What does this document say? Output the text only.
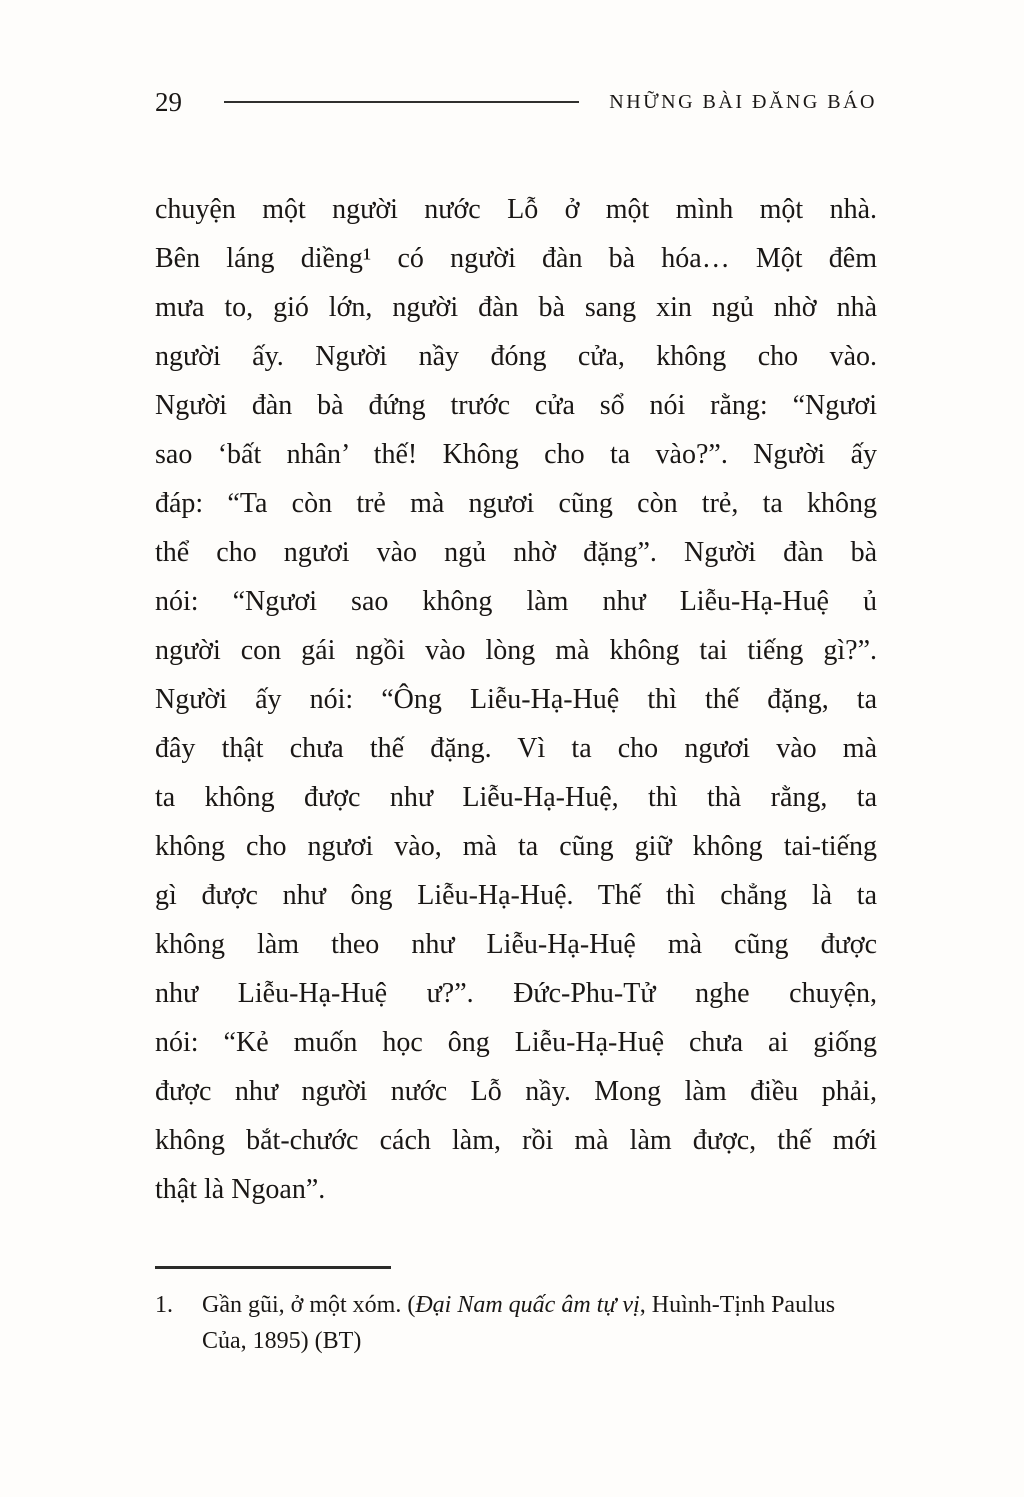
29	NHỮNG BÀI ĐĂNG BÁO
chuyện một người nước Lỗ ở một mình một nhà.
Bên láng diềng¹ có người đàn bà hóa… Một đêm
mưa to, gió lớn, người đàn bà sang xin ngủ nhờ nhà
người ấy. Người nầy đóng cửa, không cho vào.
Người đàn bà đứng trước cửa sổ nói rằng: “Ngươi
sao ‘bất nhân’ thế! Không cho ta vào?”. Người ấy
đáp: “Ta còn trẻ mà ngươi cũng còn trẻ, ta không
thể cho ngươi vào ngủ nhờ đặng”. Người đàn bà
nói: “Ngươi sao không làm như Liễu-Hạ-Huệ ủ
người con gái ngồi vào lòng mà không tai tiếng gì?”.
Người ấy nói: “Ông Liễu-Hạ-Huệ thì thế đặng, ta
đây thật chưa thế đặng. Vì ta cho ngươi vào mà
ta không được như Liễu-Hạ-Huệ, thì thà rằng, ta
không cho ngươi vào, mà ta cũng giữ không tai-tiếng
gì được như ông Liễu-Hạ-Huệ. Thế thì chẳng là ta
không làm theo như Liễu-Hạ-Huệ mà cũng được
như Liễu-Hạ-Huệ ư?”. Đức-Phu-Tử nghe chuyện,
nói: “Kẻ muốn học ông Liễu-Hạ-Huệ chưa ai giống
được như người nước Lỗ nầy. Mong làm điều phải,
không bắt-chước cách làm, rồi mà làm được, thế mới
thật là Ngoan”.
1.	Gần gũi, ở một xóm. (Đại Nam quấc âm tự vị, Huình-Tịnh Paulus Của, 1895) (BT)
